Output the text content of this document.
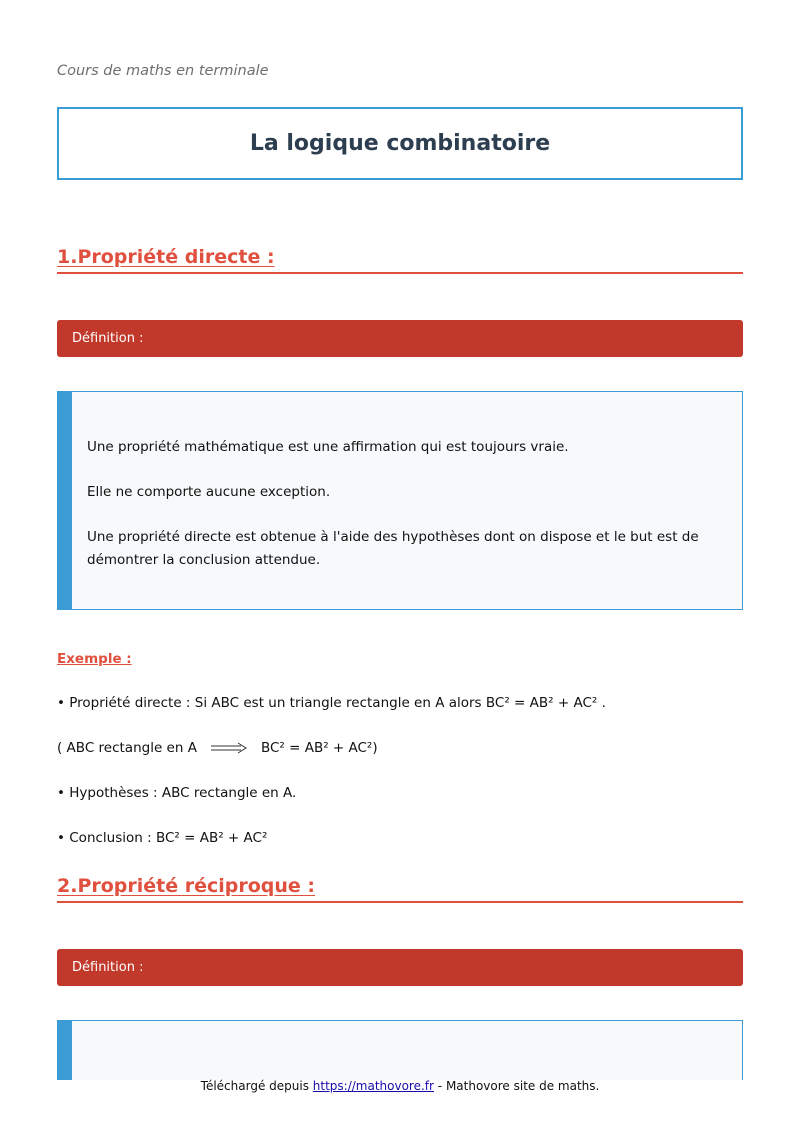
Cours de maths en terminale
La logique combinatoire
1.Propriété directe :
Définition :

Une propriété mathématique est une affirmation qui est toujours vraie.

Elle ne comporte aucune exception.

Une propriété directe est obtenue à l'aide des hypothèses dont on dispose et le but est de démontrer la conclusion attendue.

Exemple :
• Propriété directe : Si ABC est un triangle rectangle en A alors BC² = AB² + AC² .
( ABC rectangle en A	BC² = AB² + AC²)
• Hypothèses : ABC rectangle en A.
• Conclusion : BC² = AB² + AC²
2.Propriété réciproque :
Définition :
Téléchargé depuis https://mathovore.fr - Mathovore site de maths.
